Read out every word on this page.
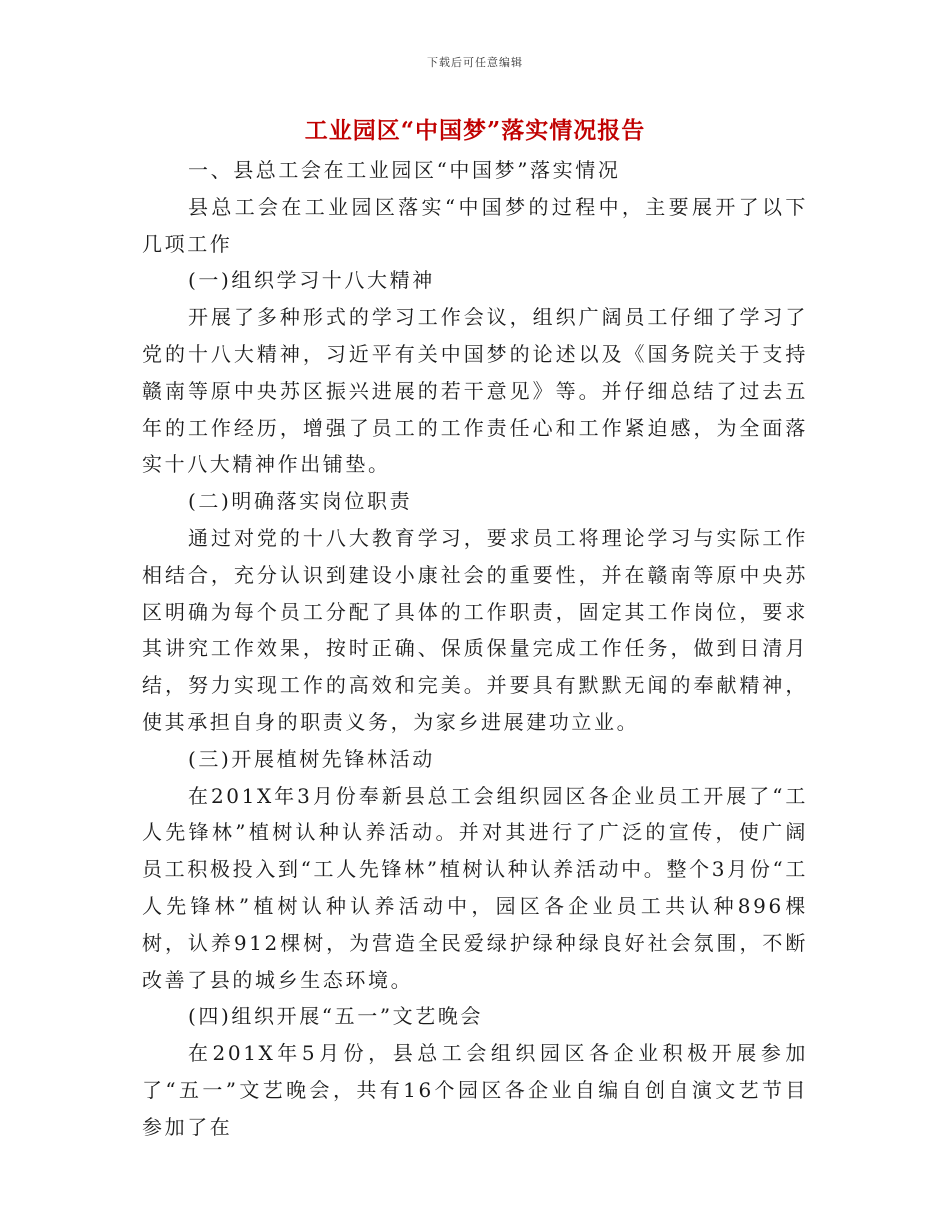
下载后可任意编辑
工业园区“中国梦”落实情况报告

一、县总工会在工业园区“中国梦”落实情况

县总工会在工业园区落实“中国梦的过程中，主要展开了以下几项工作

(一)组织学习十八大精神

开展了多种形式的学习工作会议，组织广阔员工仔细了学习了党的十八大精神，习近平有关中国梦的论述以及《国务院关于支持赣南等原中央苏区振兴进展的若干意见》等。并仔细总结了过去五年的工作经历，增强了员工的工作责任心和工作紧迫感，为全面落实十八大精神作出铺垫。

(二)明确落实岗位职责

通过对党的十八大教育学习，要求员工将理论学习与实际工作相结合，充分认识到建设小康社会的重要性，并在赣南等原中央苏区明确为每个员工分配了具体的工作职责，固定其工作岗位，要求其讲究工作效果，按时正确、保质保量完成工作任务，做到日清月结，努力实现工作的高效和完美。并要具有默默无闻的奉献精神，使其承担自身的职责义务，为家乡进展建功立业。

(三)开展植树先锋林活动

在201X年3月份奉新县总工会组织园区各企业员工开展了“工人先锋林”植树认种认养活动。并对其进行了广泛的宣传，使广阔员工积极投入到“工人先锋林”植树认种认养活动中。整个3月份“工人先锋林”植树认种认养活动中，园区各企业员工共认种896棵树，认养912棵树，为营造全民爱绿护绿种绿良好社会氛围，不断改善了县的城乡生态环境。

(四)组织开展“五一”文艺晚会

在201X年5月份，县总工会组织园区各企业积极开展参加了“五一”文艺晚会，共有16个园区各企业自编自创自演文艺节目参加了在
